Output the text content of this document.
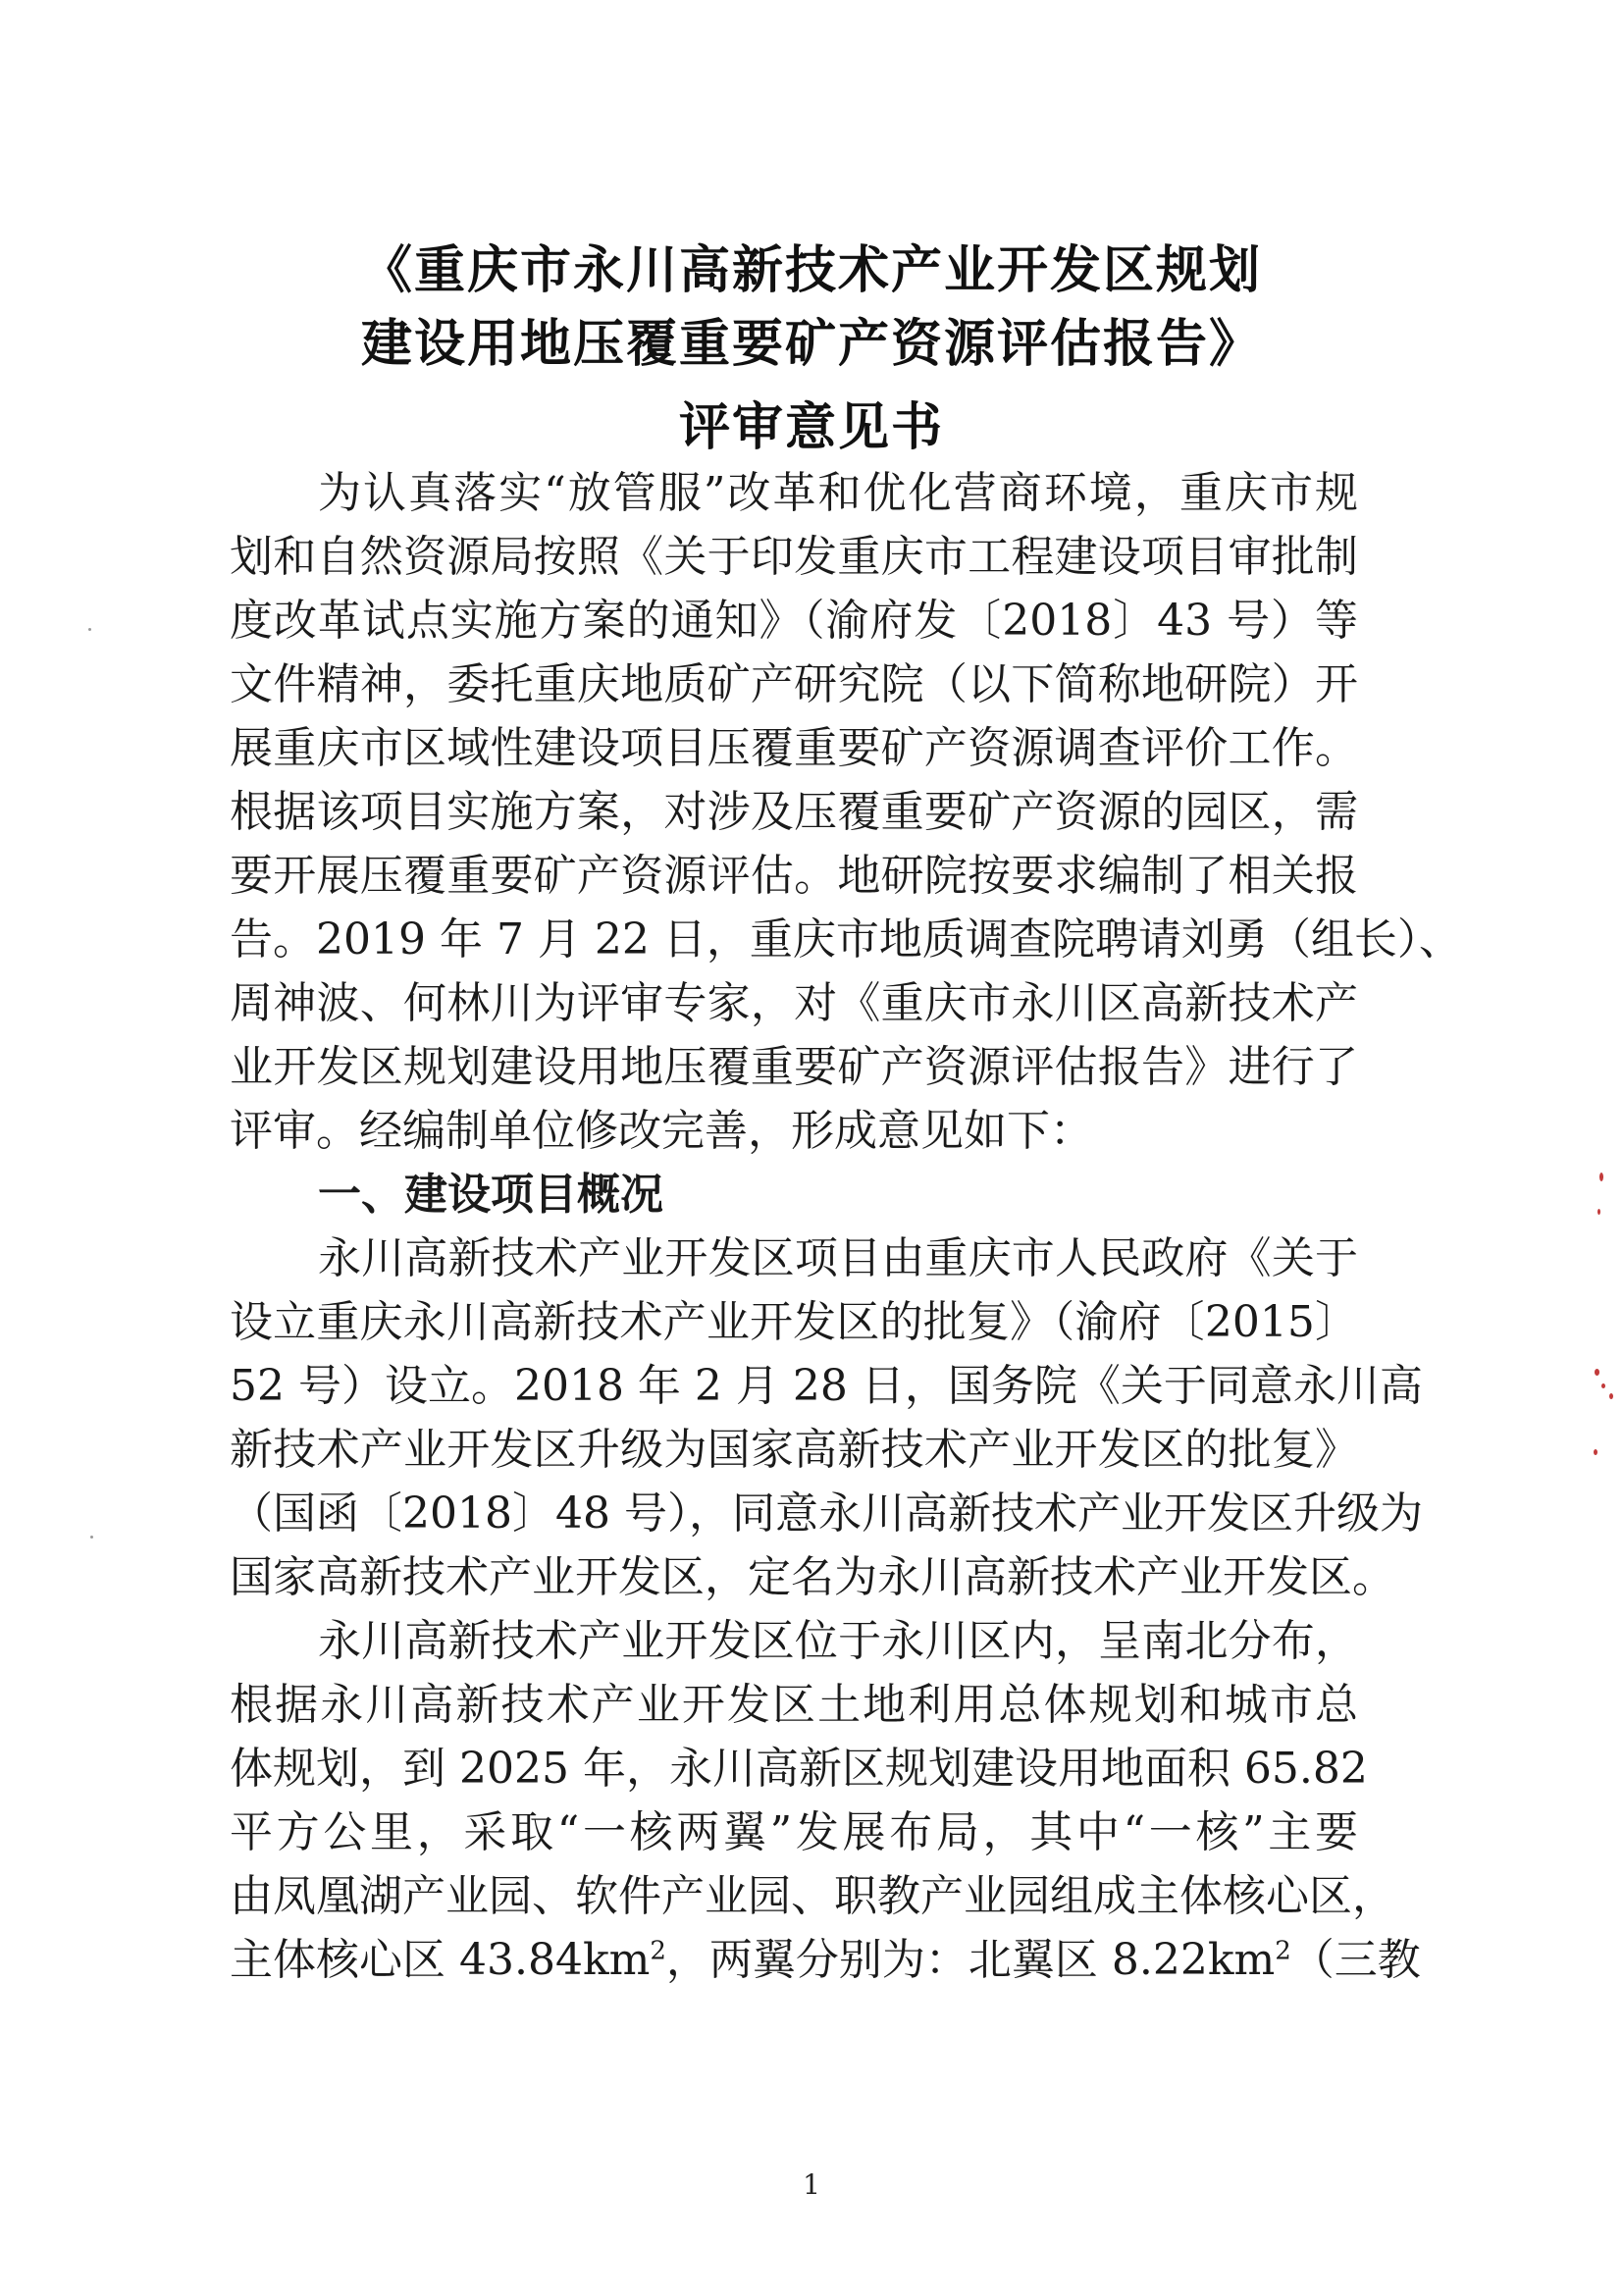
《重庆市永川高新技术产业开发区规划
建设用地压覆重要矿产资源评估报告》
评审意见书
为认真落实“放管服”改革和优化营商环境，重庆市规
划和自然资源局按照《关于印发重庆市工程建设项目审批制
度改革试点实施方案的通知》（渝府发〔2018〕43 号）等
文件精神，委托重庆地质矿产研究院（以下简称地研院）开
展重庆市区域性建设项目压覆重要矿产资源调查评价工作。
根据该项目实施方案，对涉及压覆重要矿产资源的园区，需
要开展压覆重要矿产资源评估。地研院按要求编制了相关报
告。2019 年 7 月 22 日，重庆市地质调查院聘请刘勇（组长）、
周神波、何林川为评审专家，对《重庆市永川区高新技术产
业开发区规划建设用地压覆重要矿产资源评估报告》进行了
评审。经编制单位修改完善，形成意见如下：
一、建设项目概况
永川高新技术产业开发区项目由重庆市人民政府《关于
设立重庆永川高新技术产业开发区的批复》（渝府〔2015〕
52 号）设立。2018 年 2 月 28 日，国务院《关于同意永川高
新技术产业开发区升级为国家高新技术产业开发区的批复》
（国函〔2018〕48 号），同意永川高新技术产业开发区升级为
国家高新技术产业开发区，定名为永川高新技术产业开发区。
永川高新技术产业开发区位于永川区内，呈南北分布，
根据永川高新技术产业开发区土地利用总体规划和城市总
体规划，到 2025 年，永川高新区规划建设用地面积 65.82
平方公里，采取“一核两翼”发展布局，其中“一核”主要
由凤凰湖产业园、软件产业园、职教产业园组成主体核心区，
主体核心区 $43.84km^2$，两翼分别为：北翼区 $8.22km^2$（三教
1
